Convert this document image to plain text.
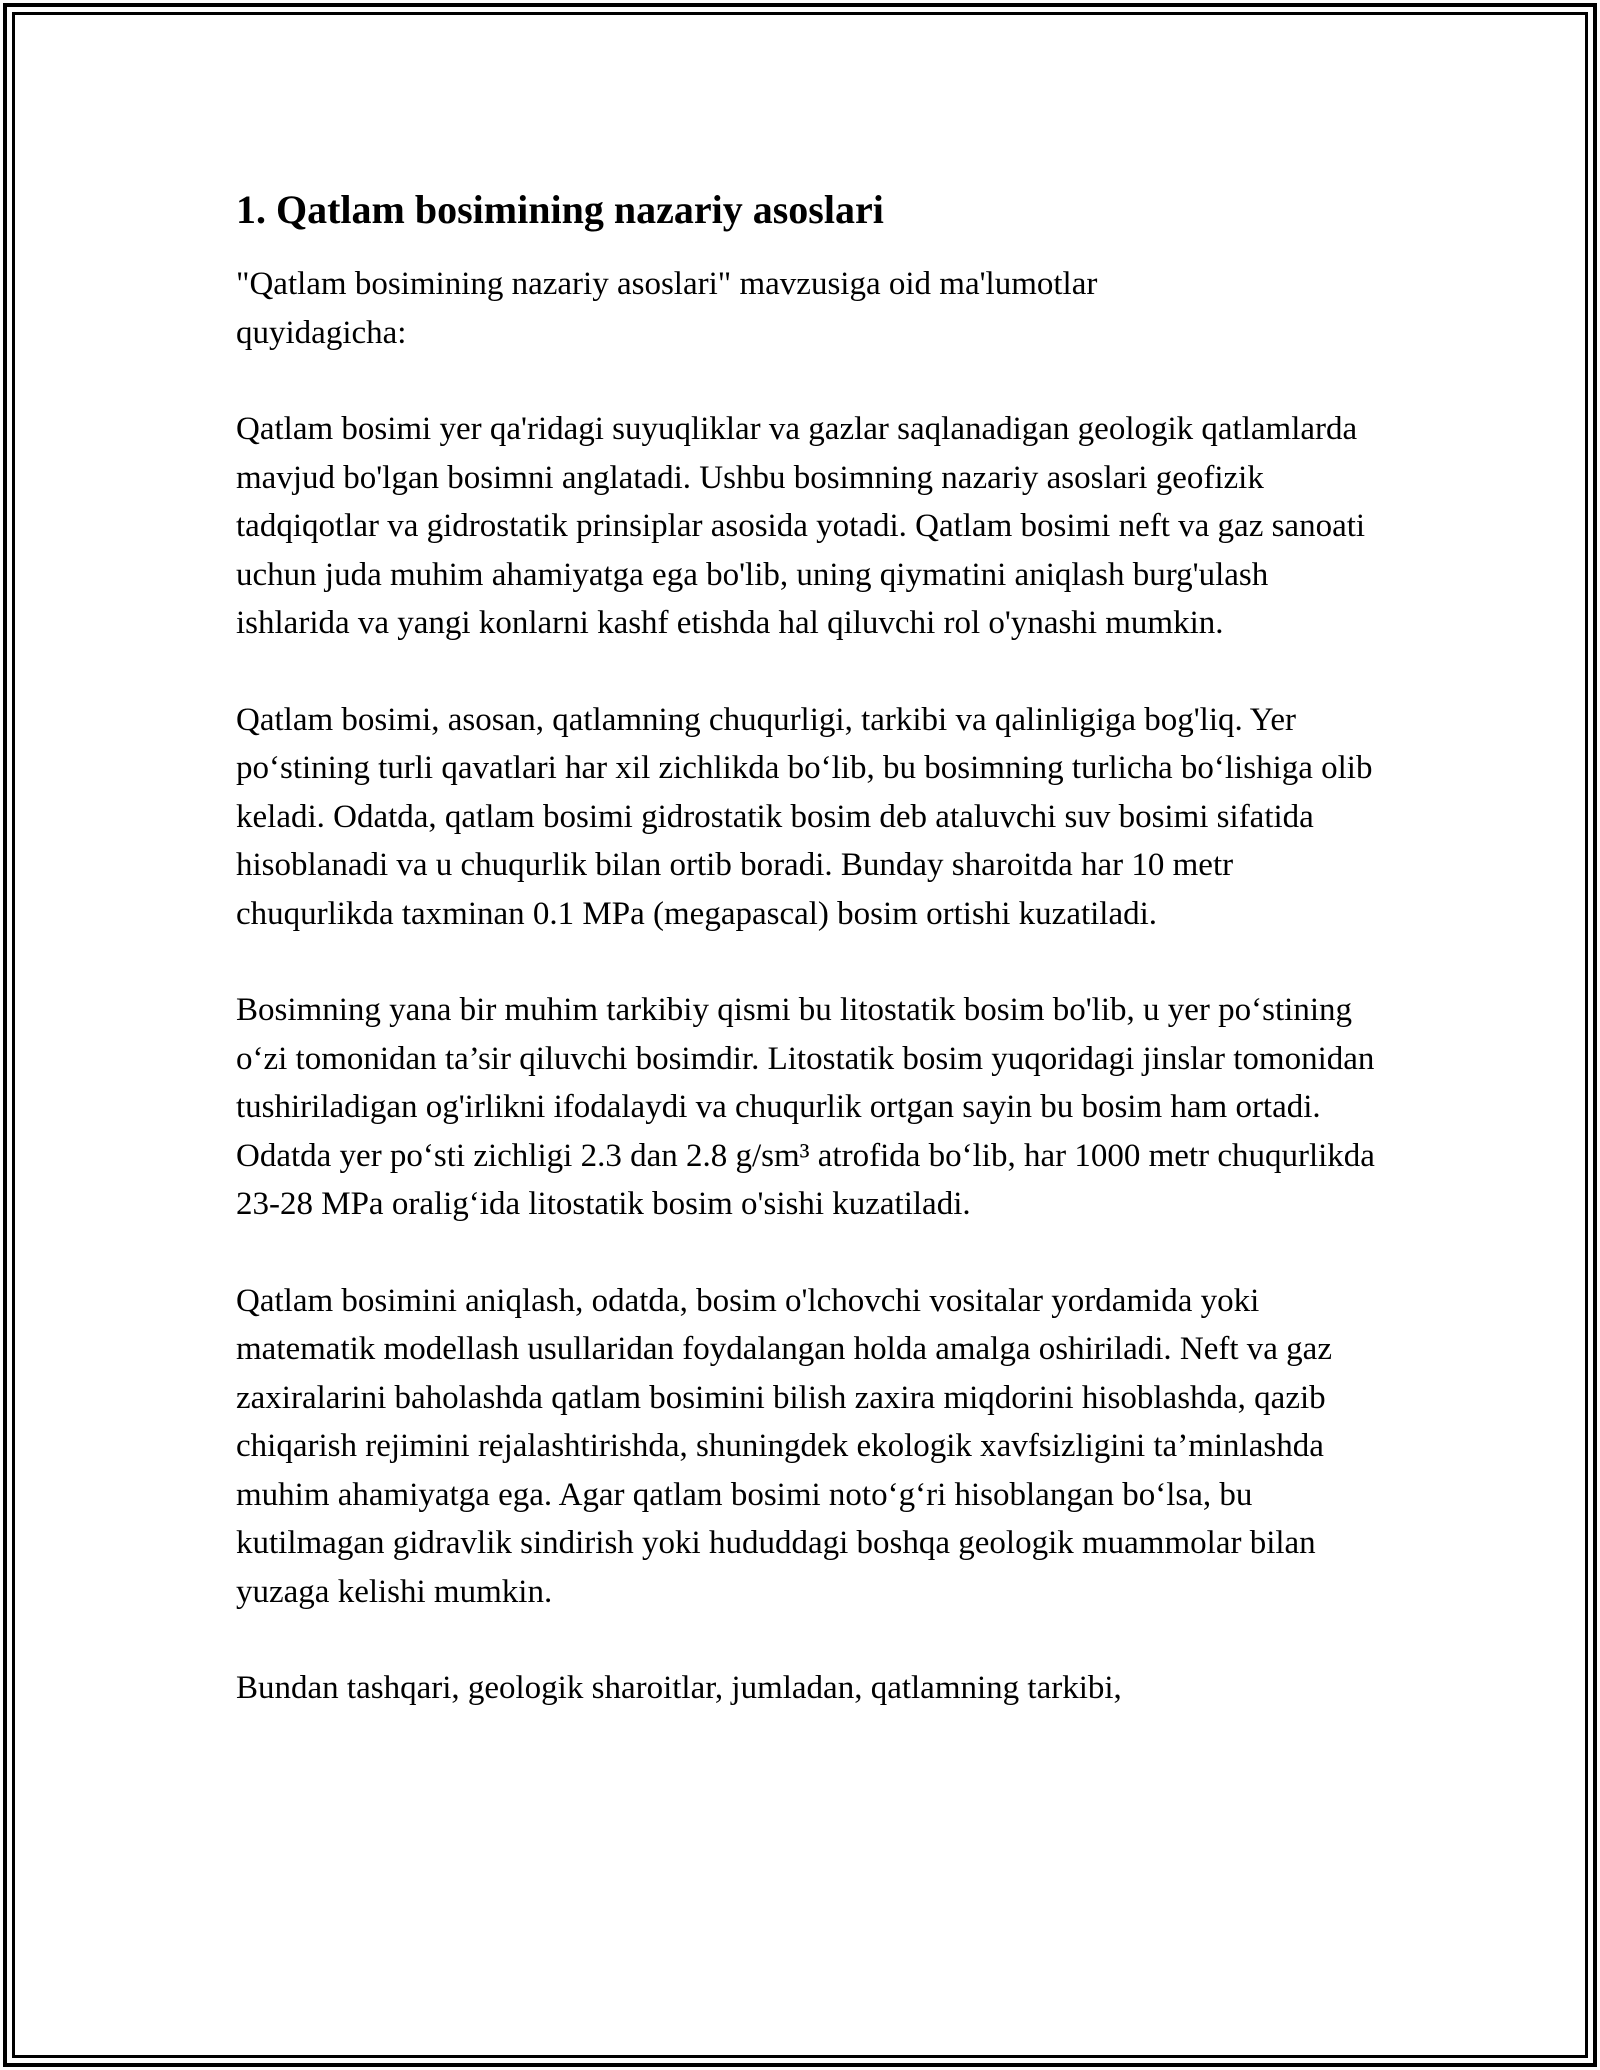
1. Qatlam bosimining nazariy asoslari

"Qatlam bosimining nazariy asoslari" mavzusiga oid ma'lumotlar quyidagicha:

Qatlam bosimi yer qa'ridagi suyuqliklar va gazlar saqlanadigan geologik qatlamlarda mavjud bo'lgan bosimni anglatadi. Ushbu bosimning nazariy asoslari geofizik tadqiqotlar va gidrostatik prinsiplar asosida yotadi. Qatlam bosimi neft va gaz sanoati uchun juda muhim ahamiyatga ega bo'lib, uning qiymatini aniqlash burg'ulash ishlarida va yangi konlarni kashf etishda hal qiluvchi rol o'ynashi mumkin.

Qatlam bosimi, asosan, qatlamning chuqurligi, tarkibi va qalinligiga bog'liq. Yer po‘stining turli qavatlari har xil zichlikda bo‘lib, bu bosimning turlicha bo‘lishiga olib keladi. Odatda, qatlam bosimi gidrostatik bosim deb ataluvchi suv bosimi sifatida hisoblanadi va u chuqurlik bilan ortib boradi. Bunday sharoitda har 10 metr chuqurlikda taxminan 0.1 MPa (megapascal) bosim ortishi kuzatiladi.

Bosimning yana bir muhim tarkibiy qismi bu litostatik bosim bo'lib, u yer po‘stining o‘zi tomonidan ta’sir qiluvchi bosimdir. Litostatik bosim yuqoridagi jinslar tomonidan tushiriladigan og'irlikni ifodalaydi va chuqurlik ortgan sayin bu bosim ham ortadi. Odatda yer po‘sti zichligi 2.3 dan 2.8 g/sm³ atrofida bo‘lib, har 1000 metr chuqurlikda 23-28 MPa oralig‘ida litostatik bosim o'sishi kuzatiladi.

Qatlam bosimini aniqlash, odatda, bosim o'lchovchi vositalar yordamida yoki matematik modellash usullaridan foydalangan holda amalga oshiriladi. Neft va gaz zaxiralarini baholashda qatlam bosimini bilish zaxira miqdorini hisoblashda, qazib chiqarish rejimini rejalashtirishda, shuningdek ekologik xavfsizligini ta’minlashda muhim ahamiyatga ega. Agar qatlam bosimi noto‘g‘ri hisoblangan bo‘lsa, bu kutilmagan gidravlik sindirish yoki hududdagi boshqa geologik muammolar bilan yuzaga kelishi mumkin.

Bundan tashqari, geologik sharoitlar, jumladan, qatlamning tarkibi,
